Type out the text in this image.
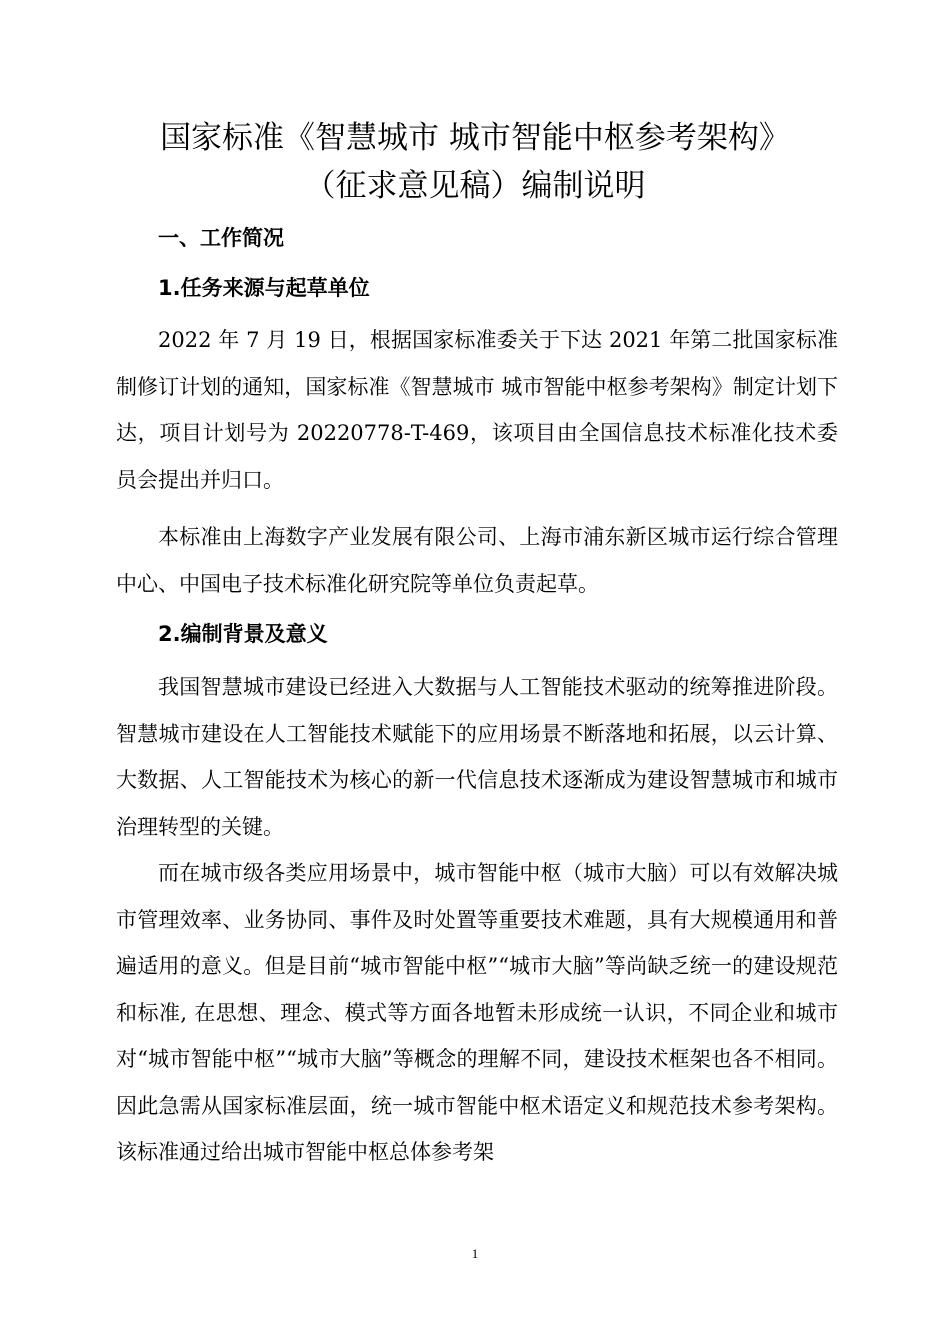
国家标准《智慧城市 城市智能中枢参考架构》
（征求意见稿）编制说明
一、工作简况
1.任务来源与起草单位

2022 年 7 月 19 日，根据国家标准委关于下达 2021 年第二批国家标准制修订计划的通知，国家标准《智慧城市 城市智能中枢参考架构》制定计划下达，项目计划号为 20220778-T-469，该项目由全国信息技术标准化技术委员会提出并归口。

本标准由上海数字产业发展有限公司、上海市浦东新区城市运行综合管理中心、中国电子技术标准化研究院等单位负责起草。

2.编制背景及意义

我国智慧城市建设已经进入大数据与人工智能技术驱动的统筹推进阶段。智慧城市建设在人工智能技术赋能下的应用场景不断落地和拓展，以云计算、大数据、人工智能技术为核心的新一代信息技术逐渐成为建设智慧城市和城市治理转型的关键。

而在城市级各类应用场景中，城市智能中枢（城市大脑）可以有效解决城市管理效率、业务协同、事件及时处置等重要技术难题，具有大规模通用和普遍适用的意义。但是目前“城市智能中枢”“城市大脑”等尚缺乏统一的建设规范和标准, 在思想、理念、模式等方面各地暂未形成统一认识，不同企业和城市对“城市智能中枢”“城市大脑”等概念的理解不同，建设技术框架也各不相同。因此急需从国家标准层面，统一城市智能中枢术语定义和规范技术参考架构。该标准通过给出城市智能中枢总体参考架

1
